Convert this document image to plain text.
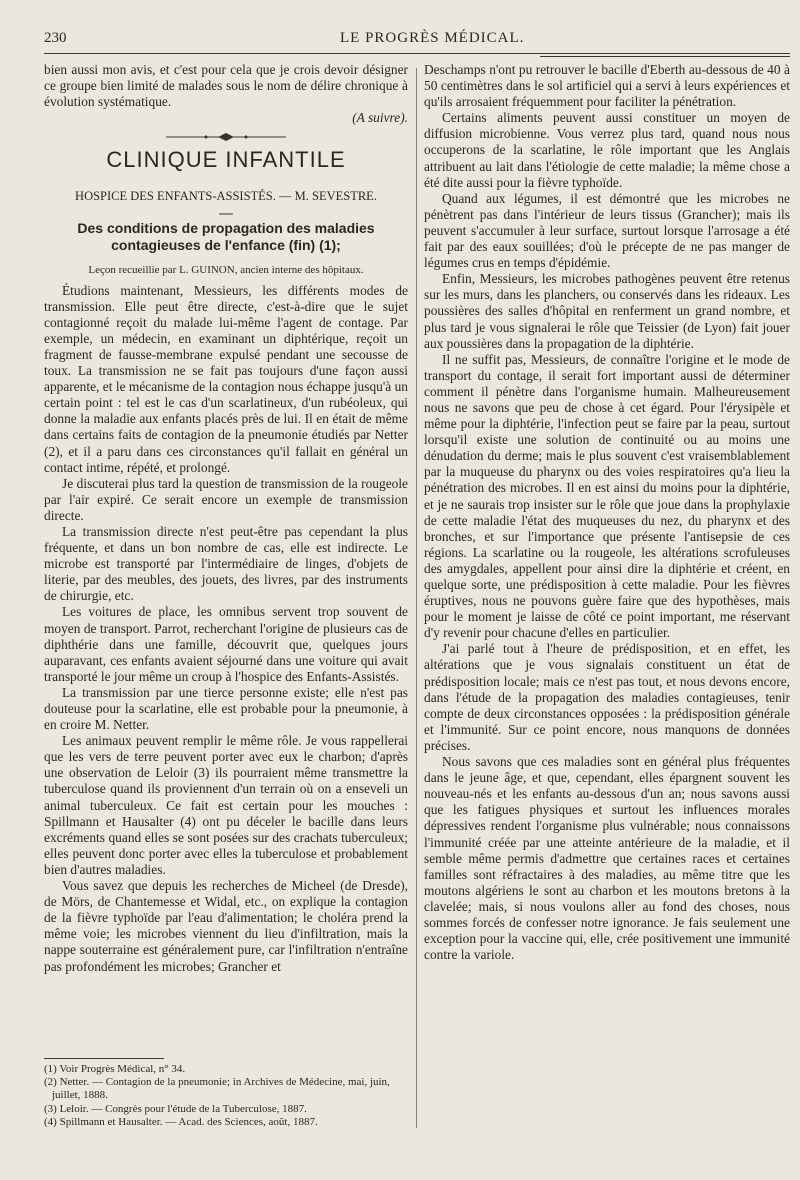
230	LE PROGRÈS MÉDICAL.

bien aussi mon avis, et c'est pour cela que je crois devoir désigner ce groupe bien limité de malades sous le nom de délire chronique à évolution systématique.

(A suivre).
CLINIQUE INFANTILE
HOSPICE DES ENFANTS-ASSISTÉS. — M. SEVESTRE.
Des conditions de propagation des maladies
contagieuses de l'enfance (fin) (1);
Leçon recueillie par L. GUINON, ancien interne des hôpitaux.

Étudions maintenant, Messieurs, les différents modes de transmission. Elle peut être directe, c'est-à-dire que le sujet contagionné reçoit du malade lui-même l'agent de contage. Par exemple, un médecin, en examinant un diphtérique, reçoit un fragment de fausse-membrane expulsé pendant une secousse de toux. La transmission ne se fait pas toujours d'une façon aussi apparente, et le mécanisme de la contagion nous échappe jusqu'à un certain point : tel est le cas d'un scarlatineux, d'un rubéoleux, qui donne la maladie aux enfants placés près de lui. Il en était de même dans certains faits de contagion de la pneumonie étudiés par Netter (2), et il a paru dans ces circonstances qu'il fallait en général un contact intime, répété, et prolongé.

Je discuterai plus tard la question de transmission de la rougeole par l'air expiré. Ce serait encore un exemple de transmission directe.

La transmission directe n'est peut-être pas cependant la plus fréquente, et dans un bon nombre de cas, elle est indirecte. Le microbe est transporté par l'intermédiaire de linges, d'objets de literie, par des meubles, des jouets, des livres, par des instruments de chirurgie, etc.

Les voitures de place, les omnibus servent trop souvent de moyen de transport. Parrot, recherchant l'origine de plusieurs cas de diphthérie dans une famille, découvrit que, quelques jours auparavant, ces enfants avaient séjourné dans une voiture qui avait transporté le jour même un croup à l'hospice des Enfants-Assistés.

La transmission par une tierce personne existe; elle n'est pas douteuse pour la scarlatine, elle est probable pour la pneumonie, à en croire M. Netter.

Les animaux peuvent remplir le même rôle. Je vous rappellerai que les vers de terre peuvent porter avec eux le charbon; d'après une observation de Leloir (3) ils pourraient même transmettre la tuberculose quand ils proviennent d'un terrain où on a enseveli un animal tuberculeux. Ce fait est certain pour les mouches : Spillmann et Hausalter (4) ont pu déceler le bacille dans leurs excréments quand elles se sont posées sur des crachats tuberculeux; elles peuvent donc porter avec elles la tuberculose et probablement bien d'autres maladies.

Vous savez que depuis les recherches de Micheel (de Dresde), de Mörs, de Chantemesse et Widal, etc., on explique la contagion de la fièvre typhoïde par l'eau d'alimentation; le choléra prend la même voie; les microbes viennent du lieu d'infiltration, mais la nappe souterraine est généralement pure, car l'infiltration n'entraîne pas profondément les microbes; Grancher et

(1) Voir Progrès Médical, n° 34.

(2) Netter. — Contagion de la pneumonie; in Archives de Médecine, mai, juin, juillet, 1888.

(3) Leloir. — Congrès pour l'étude de la Tuberculose, 1887.

(4) Spillmann et Hausalter. — Acad. des Sciences, août, 1887.

Deschamps n'ont pu retrouver le bacille d'Eberth au-dessous de 40 à 50 centimètres dans le sol artificiel qui a servi à leurs expériences et qu'ils arrosaient fréquemment pour faciliter la pénétration.

Certains aliments peuvent aussi constituer un moyen de diffusion microbienne. Vous verrez plus tard, quand nous nous occuperons de la scarlatine, le rôle important que les Anglais attribuent au lait dans l'étiologie de cette maladie; la même chose a été dite aussi pour la fièvre typhoïde.

Quand aux légumes, il est démontré que les microbes ne pénètrent pas dans l'intérieur de leurs tissus (Grancher); mais ils peuvent s'accumuler à leur surface, surtout lorsque l'arrosage a été fait par des eaux souillées; d'où le précepte de ne pas manger de légumes crus en temps d'épidémie.

Enfin, Messieurs, les microbes pathogènes peuvent être retenus sur les murs, dans les planchers, ou conservés dans les rideaux. Les poussières des salles d'hôpital en renferment un grand nombre, et plus tard je vous signalerai le rôle que Teissier (de Lyon) fait jouer aux poussières dans la propagation de la diphtérie.

Il ne suffit pas, Messieurs, de connaître l'origine et le mode de transport du contage, il serait fort important aussi de déterminer comment il pénètre dans l'organisme humain. Malheureusement nous ne savons que peu de chose à cet égard. Pour l'érysipèle et même pour la diphtérie, l'infection peut se faire par la peau, surtout lorsqu'il existe une solution de continuité ou au moins une dénudation du derme; mais le plus souvent c'est vraisemblablement par la muqueuse du pharynx ou des voies respiratoires qu'a lieu la pénétration des microbes. Il en est ainsi du moins pour la diphtérie, et je ne saurais trop insister sur le rôle que joue dans la prophylaxie de cette maladie l'état des muqueuses du nez, du pharynx et des bronches, et sur l'importance que présente l'antisepsie de ces régions. La scarlatine ou la rougeole, les altérations scrofuleuses des amygdales, appellent pour ainsi dire la diphtérie et créent, en quelque sorte, une prédisposition à cette maladie. Pour les fièvres éruptives, nous ne pouvons guère faire que des hypothèses, mais pour le moment je laisse de côté ce point important, me réservant d'y revenir pour chacune d'elles en particulier.

J'ai parlé tout à l'heure de prédisposition, et en effet, les altérations que je vous signalais constituent un état de prédisposition locale; mais ce n'est pas tout, et nous devons encore, dans l'étude de la propagation des maladies contagieuses, tenir compte de deux circonstances opposées : la prédisposition générale et l'immunité. Sur ce point encore, nous manquons de données précises.

Nous savons que ces maladies sont en général plus fréquentes dans le jeune âge, et que, cependant, elles épargnent souvent les nouveau-nés et les enfants au-dessous d'un an; nous savons aussi que les fatigues physiques et surtout les influences morales dépressives rendent l'organisme plus vulnérable; nous connaissons l'immunité créée par une atteinte antérieure de la maladie, et il semble même permis d'admettre que certaines races et certaines familles sont réfractaires à des maladies, au même titre que les moutons algériens le sont au charbon et les moutons bretons à la clavelée; mais, si nous voulons aller au fond des choses, nous sommes forcés de confesser notre ignorance. Je fais seulement une exception pour la vaccine qui, elle, crée positivement une immunité contre la variole.
